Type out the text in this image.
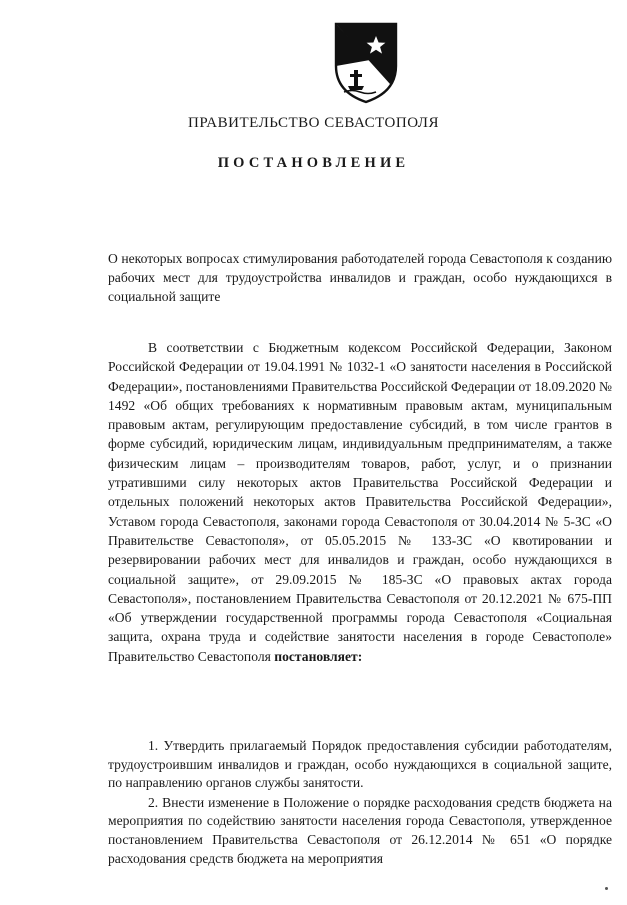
ПРАВИТЕЛЬСТВО СЕВАСТОПОЛЯ
ПОСТАНОВЛЕНИЕ
О некоторых вопросах стимулирования работодателей города Севастополя к созданию рабочих мест для трудоустройства инвалидов и граждан, особо нуждающихся в социальной защите
В соответствии с Бюджетным кодексом Российской Федерации, Законом Российской Федерации от 19.04.1991 № 1032-1 «О занятости населения в Российской Федерации», постановлениями Правительства Российской Федерации от 18.09.2020 № 1492 «Об общих требованиях к нормативным правовым актам, муниципальным правовым актам, регулирующим предоставление субсидий, в том числе грантов в форме субсидий, юридическим лицам, индивидуальным предпринимателям, а также физическим лицам – производителям товаров, работ, услуг, и о признании утратившими силу некоторых актов Правительства Российской Федерации и отдельных положений некоторых актов Правительства Российской Федерации», Уставом города Севастополя, законами города Севастополя от 30.04.2014 № 5-ЗС «О Правительстве Севастополя», от 05.05.2015 № 133-ЗС «О квотировании и резервировании рабочих мест для инвалидов и граждан, особо нуждающихся в социальной защите», от 29.09.2015 № 185-ЗС «О правовых актах города Севастополя», постановлением Правительства Севастополя от 20.12.2021 № 675-ПП «Об утверждении государственной программы города Севастополя «Социальная защита, охрана труда и содействие занятости населения в городе Севастополе» Правительство Севастополя постановляет:

1. Утвердить прилагаемый Порядок предоставления субсидии работодателям, трудоустроившим инвалидов и граждан, особо нуждающихся в социальной защите, по направлению органов службы занятости.

2. Внести изменение в Положение о порядке расходования средств бюджета на мероприятия по содействию занятости населения города Севастополя, утвержденное постановлением Правительства Севастополя от 26.12.2014 № 651 «О порядке расходования средств бюджета на мероприятия
